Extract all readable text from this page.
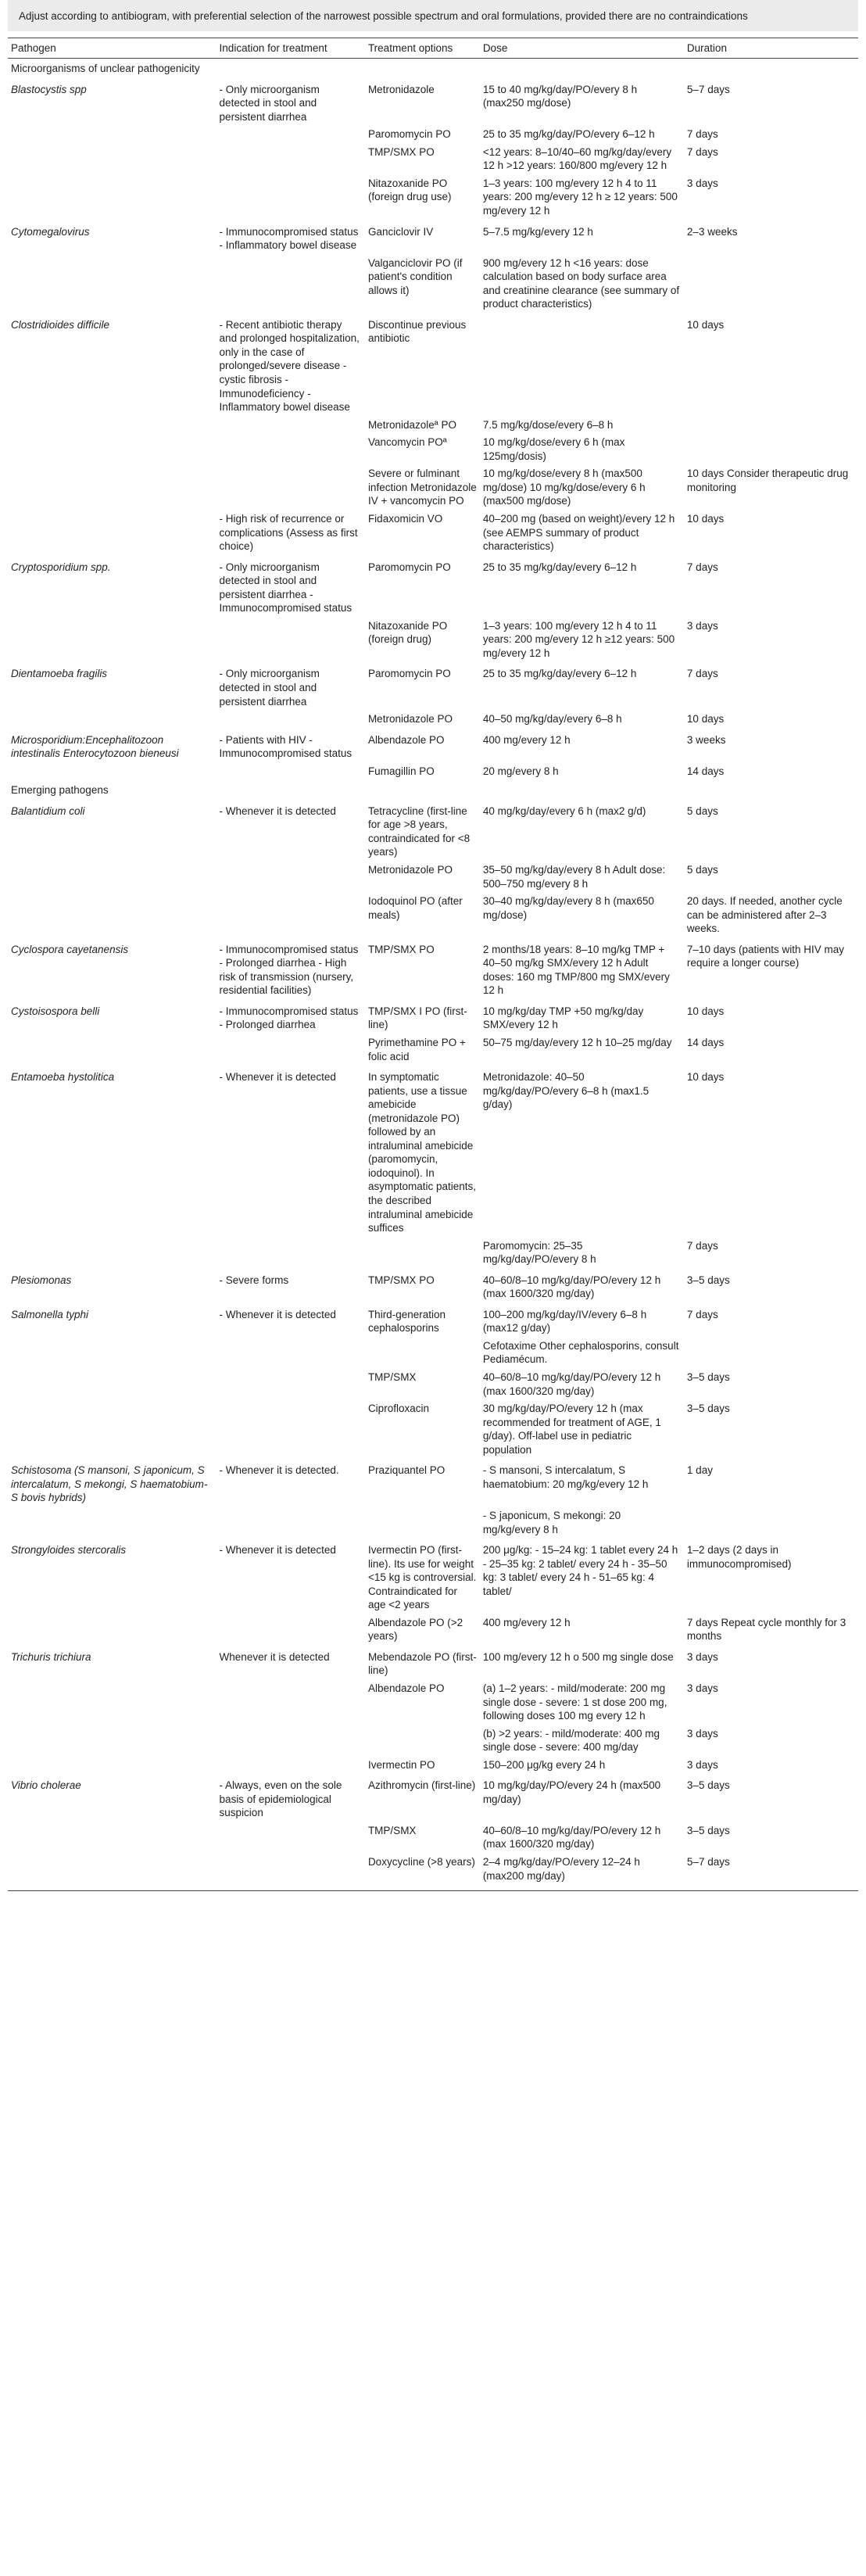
Adjust according to antibiogram, with preferential selection of the narrowest possible spectrum and oral formulations, provided there are no contraindications
Pathogen	Indication for treatment	Treatment options	Dose	Duration
Microorganisms of unclear pathogenicity				
Blastocystis spp	- Only microorganism detected in stool and persistent diarrhea	Metronidazole	15 to 40 mg/kg/day/PO/every 8 h (max250 mg/dose)	5–7 days
		Paromomycin PO	25 to 35 mg/kg/day/PO/every 6–12 h	7 days
		TMP/SMX PO	<12 years: 8–10/40–60 mg/kg/day/every 12 h >12 years: 160/800 mg/every 12 h	7 days
		Nitazoxanide PO (foreign drug use)	1–3 years: 100 mg/every 12 h 4 to 11 years: 200 mg/every 12 h ≥ 12 years: 500 mg/every 12 h	3 days
Cytomegalovirus	- Immunocompromised status - Inflammatory bowel disease	Ganciclovir IV	5–7.5 mg/kg/every 12 h	2–3 weeks
		Valganciclovir PO (if patient's condition allows it)	900 mg/every 12 h <16 years: dose calculation based on body surface area and creatinine clearance (see summary of product characteristics)	
Clostridioides difficile	- Recent antibiotic therapy and prolonged hospitalization, only in the case of prolonged/severe disease - cystic fibrosis - Immunodeficiency - Inflammatory bowel disease	Discontinue previous antibiotic		10 days
		Metronidazoleª PO	7.5 mg/kg/dose/every 6–8 h	
		Vancomycin POª	10 mg/kg/dose/every 6 h (max 125mg/dosis)	
		Severe or fulminant infection Metronidazole IV + vancomycin PO	10 mg/kg/dose/every 8 h (max500 mg/dose) 10 mg/kg/dose/every 6 h (max500 mg/dose)	10 days Consider therapeutic drug monitoring
	- High risk of recurrence or complications (Assess as first choice)	Fidaxomicin VO	40–200 mg (based on weight)/every 12 h (see AEMPS summary of product characteristics)	10 days
Cryptosporidium spp.	- Only microorganism detected in stool and persistent diarrhea - Immunocompromised status	Paromomycin PO	25 to 35 mg/kg/day/every 6–12 h	7 days
		Nitazoxanide PO (foreign drug)	1–3 years: 100 mg/every 12 h 4 to 11 years: 200 mg/every 12 h ≥12 years: 500 mg/every 12 h	3 days
Dientamoeba fragilis	- Only microorganism detected in stool and persistent diarrhea	Paromomycin PO	25 to 35 mg/kg/day/every 6–12 h	7 days
		Metronidazole PO	40–50 mg/kg/day/every 6–8 h	10 days
Microsporidium:Encephalitozoon intestinalis Enterocytozoon bieneusi	- Patients with HIV - Immunocompromised status	Albendazole PO	400 mg/every 12 h	3 weeks
		Fumagillin PO	20 mg/every 8 h	14 days
Emerging pathogens				
Balantidium coli	- Whenever it is detected	Tetracycline (first-line for age >8 years, contraindicated for <8 years)	40 mg/kg/day/every 6 h (max2 g/d)	5 days
		Metronidazole PO	35–50 mg/kg/day/every 8 h Adult dose: 500–750 mg/every 8 h	5 days
		Iodoquinol PO (after meals)	30–40 mg/kg/day/every 8 h (max650 mg/dose)	20 days. If needed, another cycle can be administered after 2–3 weeks.
Cyclospora cayetanensis	- Immunocompromised status - Prolonged diarrhea - High risk of transmission (nursery, residential facilities)	TMP/SMX PO	2 months/18 years: 8–10 mg/kg TMP + 40–50 mg/kg SMX/every 12 h Adult doses: 160 mg TMP/800 mg SMX/every 12 h	7–10 days (patients with HIV may require a longer course)
Cystoisospora belli	- Immunocompromised status - Prolonged diarrhea	TMP/SMX I PO (first-line)	10 mg/kg/day TMP +50 mg/kg/day SMX/every 12 h	10 days
		Pyrimethamine PO + folic acid	50–75 mg/day/every 12 h 10–25 mg/day	14 days
Entamoeba hystolitica	- Whenever it is detected	In symptomatic patients, use a tissue amebicide (metronidazole PO) followed by an intraluminal amebicide (paromomycin, iodoquinol). In asymptomatic patients, the described intraluminal amebicide suffices	Metronidazole: 40–50 mg/kg/day/PO/every 6–8 h (max1.5 g/day)	10 days
			Paromomycin: 25–35 mg/kg/day/PO/every 8 h	7 days
Plesiomonas	- Severe forms	TMP/SMX PO	40–60/8–10 mg/kg/day/PO/every 12 h (max 1600/320 mg/day)	3–5 days
Salmonella typhi	- Whenever it is detected	Third-generation cephalosporins	100–200 mg/kg/day/IV/every 6–8 h (max12 g/day)	7 days
			Cefotaxime Other cephalosporins, consult Pediamécum.	
		TMP/SMX	40–60/8–10 mg/kg/day/PO/every 12 h (max 1600/320 mg/day)	3–5 days
		Ciprofloxacin	30 mg/kg/day/PO/every 12 h (max recommended for treatment of AGE, 1 g/day). Off-label use in pediatric population	3–5 days
Schistosoma (S mansoni, S japonicum, S intercalatum, S mekongi, S haematobium-S bovis hybrids)	- Whenever it is detected.	Praziquantel PO	- S mansoni, S intercalatum, S haematobium: 20 mg/kg/every 12 h	1 day
			- S japonicum, S mekongi: 20 mg/kg/every 8 h	
Strongyloides stercoralis	- Whenever it is detected	Ivermectin PO (first-line). Its use for weight <15 kg is controversial. Contraindicated for age <2 years	200 μg/kg: - 15–24 kg: 1 tablet every 24 h - 25–35 kg: 2 tablet/ every 24 h - 35–50 kg: 3 tablet/ every 24 h - 51–65 kg: 4 tablet/	1–2 days (2 days in immunocompromised)
		Albendazole PO (>2 years)	400 mg/every 12 h	7 days Repeat cycle monthly for 3 months
Trichuris trichiura	Whenever it is detected	Mebendazole PO (first-line)	100 mg/every 12 h o 500 mg single dose	3 days
		Albendazole PO	(a) 1–2 years: - mild/moderate: 200 mg single dose - severe: 1 st dose 200 mg, following doses 100 mg every 12 h	3 days
			(b) >2 years: - mild/moderate: 400 mg single dose - severe: 400 mg/day	3 days
		Ivermectin PO	150–200 μg/kg every 24 h	3 days
Vibrio cholerae	- Always, even on the sole basis of epidemiological suspicion	Azithromycin (first-line)	10 mg/kg/day/PO/every 24 h (max500 mg/day)	3–5 days
		TMP/SMX	40–60/8–10 mg/kg/day/PO/every 12 h (max 1600/320 mg/day)	3–5 days
		Doxycycline (>8 years)	2–4 mg/kg/day/PO/every 12–24 h (max200 mg/day)	5–7 days
